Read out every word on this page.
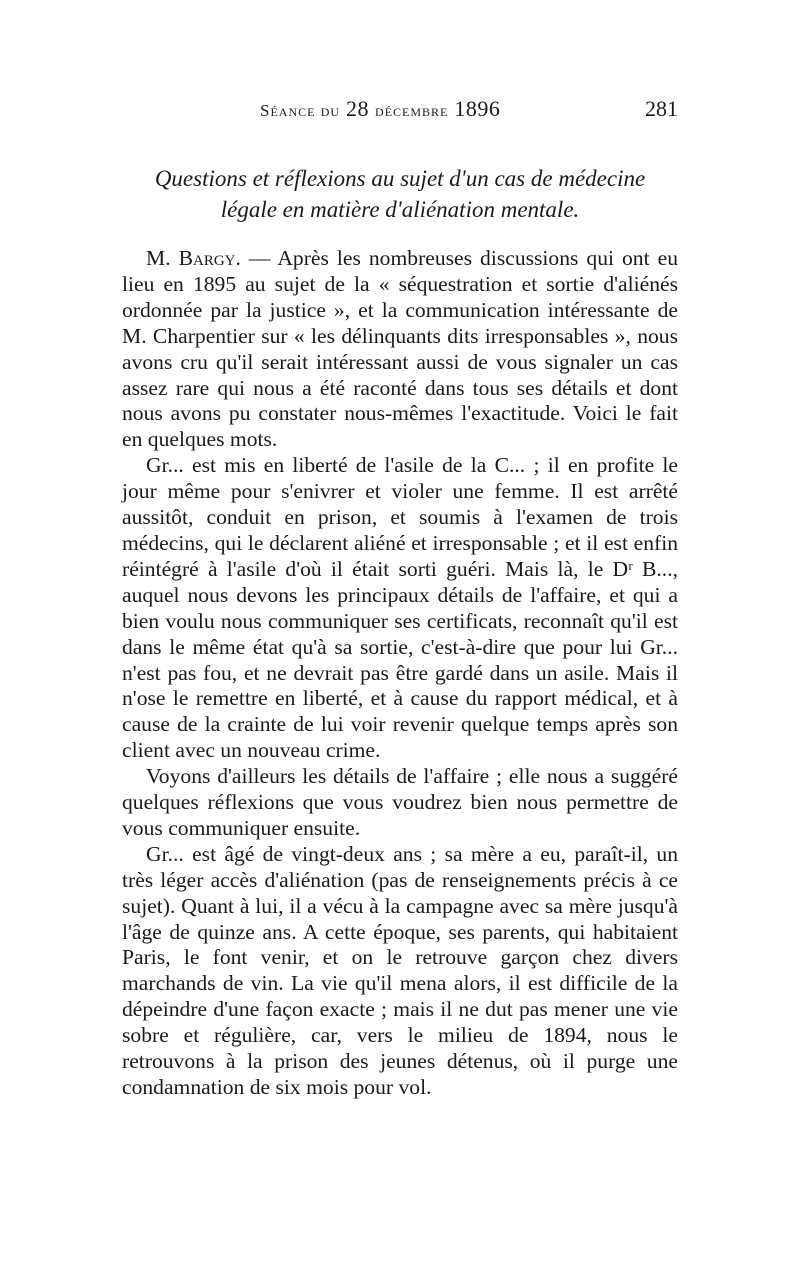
Séance du 28 décembre 1896	281
Questions et réflexions au sujet d'un cas de médecine
légale en matière d'aliénation mentale.

M. Bargy. — Après les nombreuses discussions qui ont eu lieu en 1895 au sujet de la « séquestration et sortie d'aliénés ordonnée par la justice », et la communication intéressante de M. Charpentier sur « les délinquants dits irresponsables », nous avons cru qu'il serait intéressant aussi de vous signaler un cas assez rare qui nous a été raconté dans tous ses détails et dont nous avons pu constater nous-mêmes l'exactitude. Voici le fait en quelques mots.

Gr... est mis en liberté de l'asile de la C... ; il en profite le jour même pour s'enivrer et violer une femme. Il est arrêté aussitôt, conduit en prison, et soumis à l'examen de trois médecins, qui le déclarent aliéné et irresponsable ; et il est enfin réintégré à l'asile d'où il était sorti guéri. Mais là, le Dʳ B..., auquel nous devons les principaux détails de l'affaire, et qui a bien voulu nous communiquer ses certificats, reconnaît qu'il est dans le même état qu'à sa sortie, c'est-à-dire que pour lui Gr... n'est pas fou, et ne devrait pas être gardé dans un asile. Mais il n'ose le remettre en liberté, et à cause du rapport médical, et à cause de la crainte de lui voir revenir quelque temps après son client avec un nouveau crime.

Voyons d'ailleurs les détails de l'affaire ; elle nous a suggéré quelques réflexions que vous voudrez bien nous permettre de vous communiquer ensuite.

Gr... est âgé de vingt-deux ans ; sa mère a eu, paraît-il, un très léger accès d'aliénation (pas de renseignements précis à ce sujet). Quant à lui, il a vécu à la campagne avec sa mère jusqu'à l'âge de quinze ans. A cette époque, ses parents, qui habitaient Paris, le font venir, et on le retrouve garçon chez divers marchands de vin. La vie qu'il mena alors, il est difficile de la dépeindre d'une façon exacte ; mais il ne dut pas mener une vie sobre et régulière, car, vers le milieu de 1894, nous le retrouvons à la prison des jeunes détenus, où il purge une condamnation de six mois pour vol.
